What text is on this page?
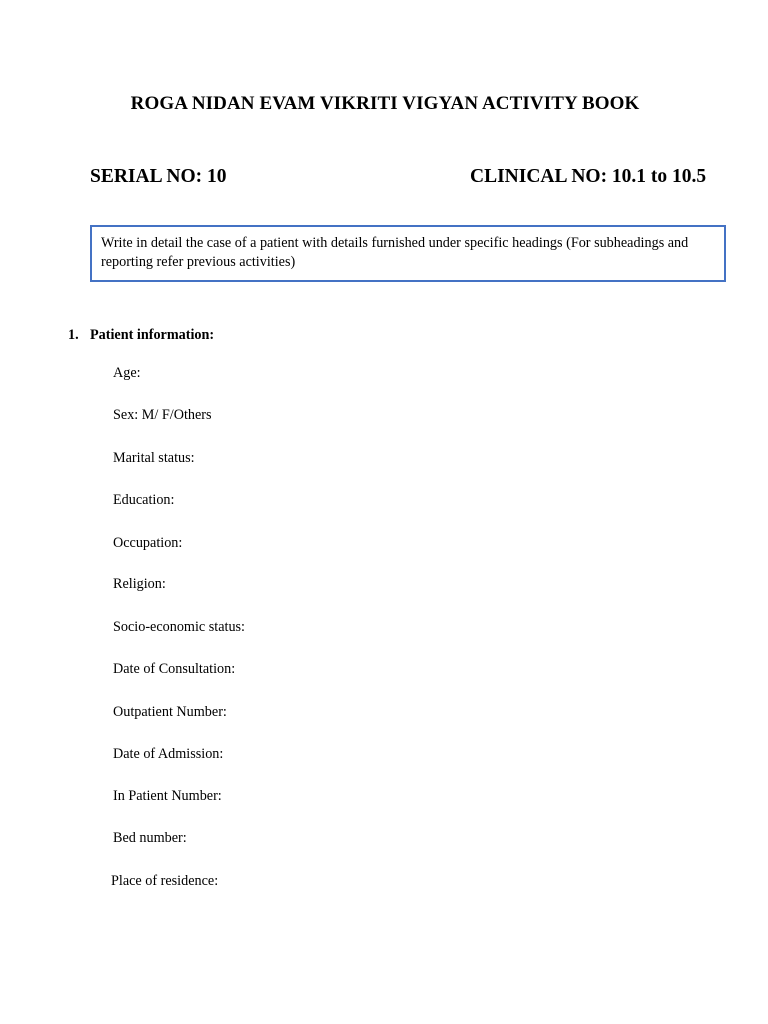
ROGA NIDAN EVAM VIKRITI VIGYAN ACTIVITY BOOK
SERIAL NO: 10	CLINICAL NO: 10.1 to 10.5
Write in detail the case of a patient with details furnished under specific headings (For subheadings and reporting refer previous activities)
1. Patient information:
Age:
Sex: M/ F/Others
Marital status:
Education:
Occupation:
Religion:
Socio-economic status:
Date of Consultation:
Outpatient Number:
Date of Admission:
In Patient Number:
Bed number:
Place of residence:
